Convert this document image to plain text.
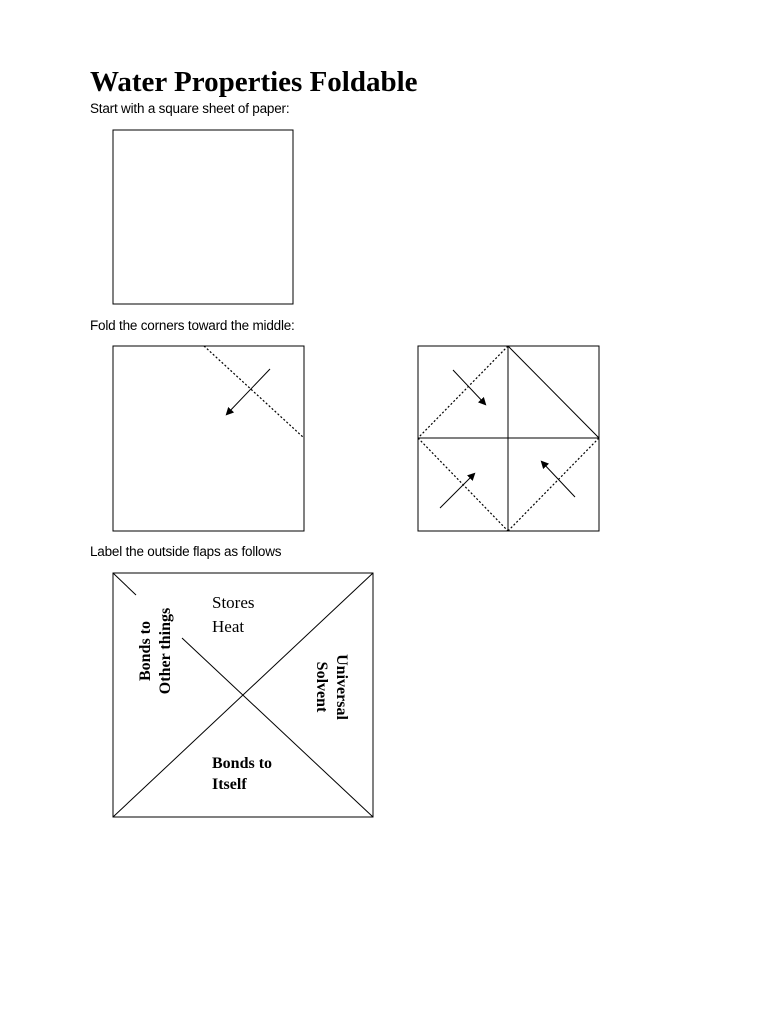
Water Properties Foldable
Start with a square sheet of paper:
Fold the corners toward the middle:
Label the outside flaps as follows
Stores
Heat
Bonds to Other things	Universal
Solvent
Bonds to
Itself
